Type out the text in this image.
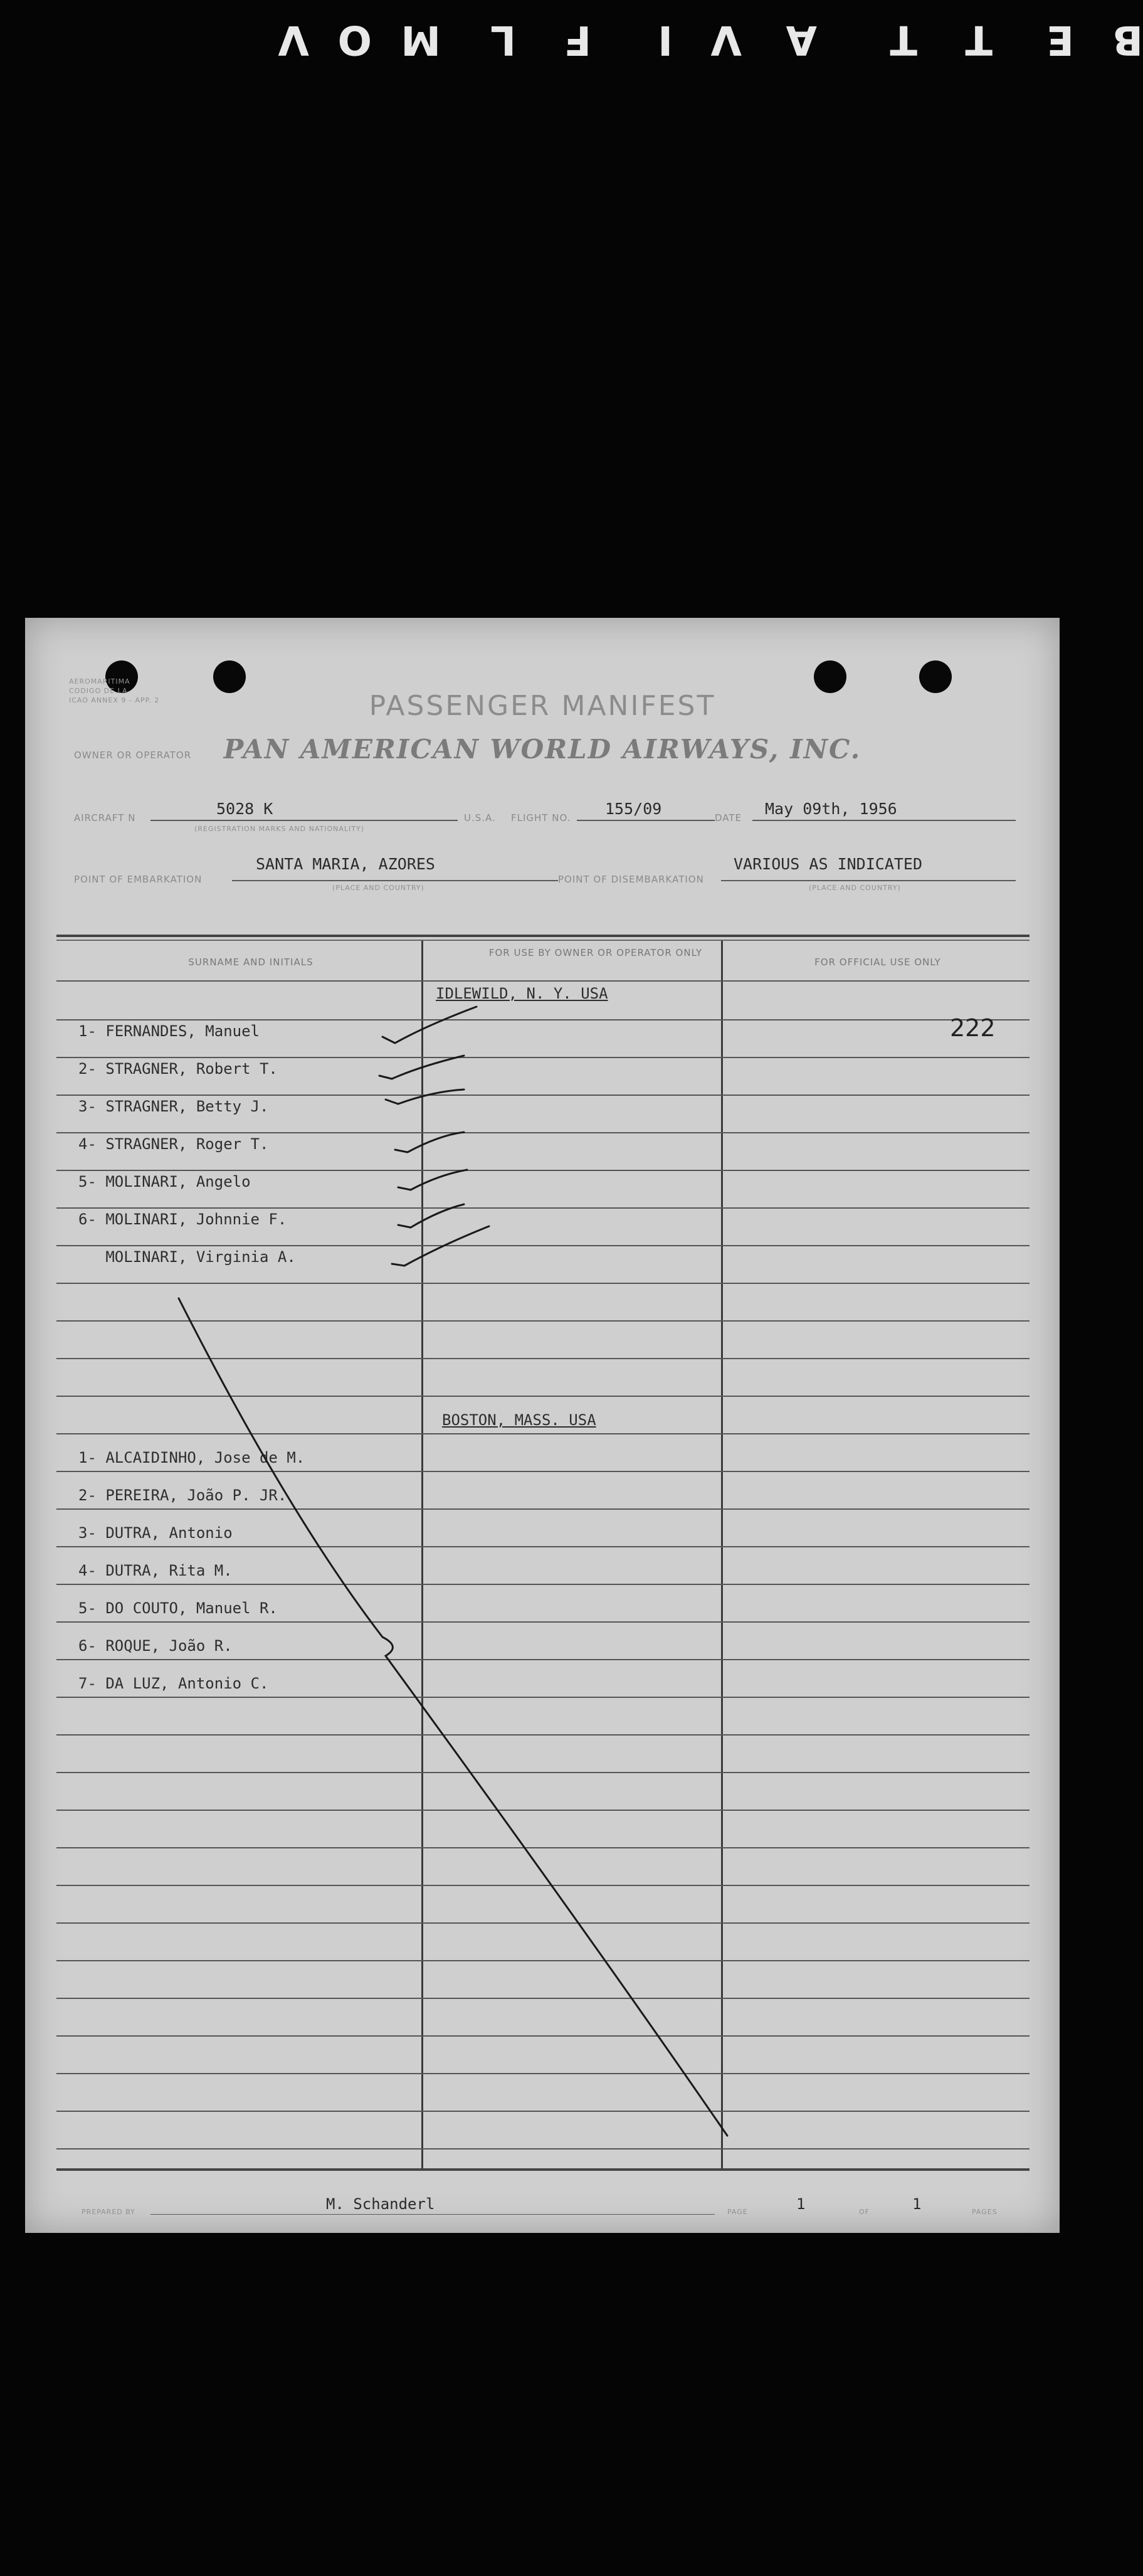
B
E
T
T
A
V
I
F
L
M
O
V
AEROMARITIMA
CODIGO DE LA
ICAO ANNEX 9 - APP. 2	PASSENGER MANIFEST
OWNER OR OPERATOR	PAN AMERICAN WORLD AIRWAYS, INC.
AIRCRAFT N	5028 K
(REGISTRATION MARKS AND NATIONALITY)
U.S.A. FLIGHT NO. 155/09	DATE May 09th, 1956
POINT OF EMBARKATION
SANTA MARIA, AZORES
(PLACE AND COUNTRY)
POINT OF DISEMBARKATION
VARIOUS AS INDICATED
(PLACE AND COUNTRY)
SURNAME AND INITIALS
FOR USE BY OWNER OR OPERATOR ONLY
FOR OFFICIAL USE ONLY
IDLEWILD, N. Y. USA
222
1- FERNANDES, Manuel
2- STRAGNER, Robert T.
3- STRAGNER, Betty J.
4- STRAGNER, Roger T.
5- MOLINARI, Angelo
6- MOLINARI, Johnnie F.
MOLINARI, Virginia A.
BOSTON, MASS. USA
1- ALCAIDINHO, Jose de M.
2- PEREIRA, João P. JR.
3- DUTRA, Antonio
4- DUTRA, Rita M.
5- DO COUTO, Manuel R.
6- ROQUE, João R.
7- DA LUZ, Antonio C.
PREPARED BY	M. Schanderl	PAGE	1	OF	1	PAGES
